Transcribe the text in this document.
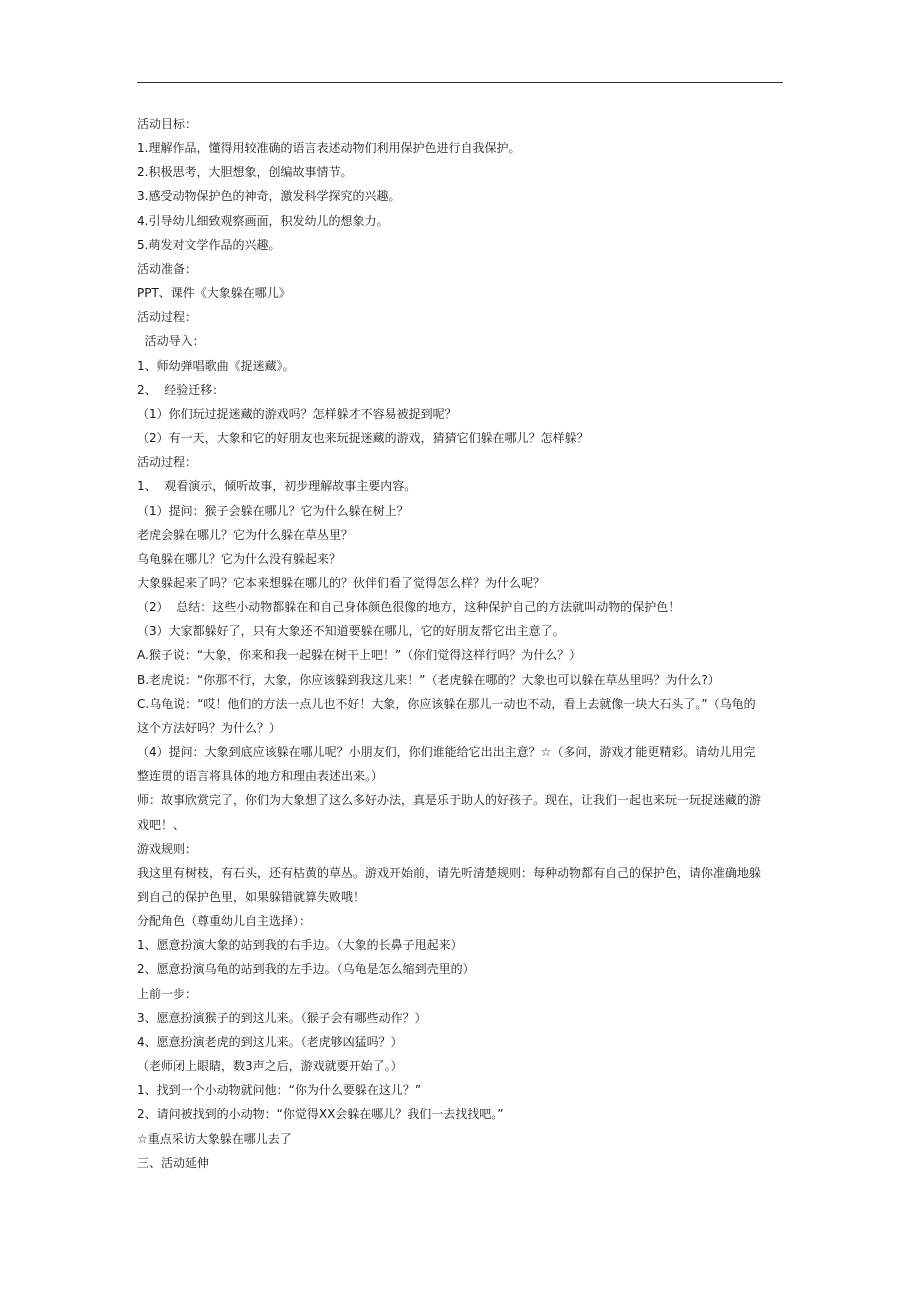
活动目标：

1.理解作品，懂得用较准确的语言表述动物们利用保护色进行自我保护。

2.积极思考，大胆想象，创编故事情节。

3.感受动物保护色的神奇，激发科学探究的兴趣。

4.引导幼儿细致观察画面，积发幼儿的想象力。

5.萌发对文学作品的兴趣。

活动准备：

PPT、课件《大象躲在哪儿》

活动过程：

活动导入：

1、师幼弹唱歌曲《捉迷藏》。

2、  经验迁移：

（1）你们玩过捉迷藏的游戏吗？怎样躲才不容易被捉到呢？

（2）有一天，大象和它的好朋友也来玩捉迷藏的游戏，猜猜它们躲在哪儿？怎样躲？

活动过程：

1、  观看演示，倾听故事，初步理解故事主要内容。

（1）提问：猴子会躲在哪儿？它为什么躲在树上？

老虎会躲在哪儿？它为什么躲在草丛里？

乌龟躲在哪儿？它为什么没有躲起来？

大象躲起来了吗？它本来想躲在哪儿的？伙伴们看了觉得怎么样？为什么呢？

（2）  总结：这些小动物都躲在和自己身体颜色很像的地方，这种保护自己的方法就叫动物的保护色！

（3）大家都躲好了，只有大象还不知道要躲在哪儿，它的好朋友帮它出主意了。

A.猴子说：“大象，你来和我一起躲在树干上吧！”（你们觉得这样行吗？为什么？）

B.老虎说：“你那不行，大象，你应该躲到我这儿来！”（老虎躲在哪的？大象也可以躲在草丛里吗？为什么?）

C.乌龟说：“哎！他们的方法一点儿也不好！大象，你应该躲在那儿一动也不动，看上去就像一块大石头了。”（乌龟的

这个方法好吗？为什么？）

（4）提问：大象到底应该躲在哪儿呢？小朋友们，你们谁能给它出出主意？☆（多问，游戏才能更精彩。请幼儿用完

整连贯的语言将具体的地方和理由表述出来。）

师：故事欣赏完了，你们为大象想了这么多好办法，真是乐于助人的好孩子。现在，让我们一起也来玩一玩捉迷藏的游

戏吧！、

游戏规则：

我这里有树枝，有石头，还有枯黄的草丛。游戏开始前，请先听清楚规则：每种动物都有自己的保护色，请你准确地躲

到自己的保护色里，如果躲错就算失败哦！

分配角色（尊重幼儿自主选择）：

1、愿意扮演大象的站到我的右手边。（大象的长鼻子甩起来）

2、愿意扮演乌龟的站到我的左手边。（乌龟是怎么缩到壳里的）

上前一步：

3、愿意扮演猴子的到这儿来。（猴子会有哪些动作？）

4、愿意扮演老虎的到这儿来。（老虎够凶猛吗？）

（老师闭上眼睛，数3声之后，游戏就要开始了。）

1、找到一个小动物就问他：“你为什么要躲在这儿？”

2、请问被找到的小动物：“你觉得XX会躲在哪儿？我们一去找找吧。”

☆重点采访大象躲在哪儿去了

三、活动延伸
